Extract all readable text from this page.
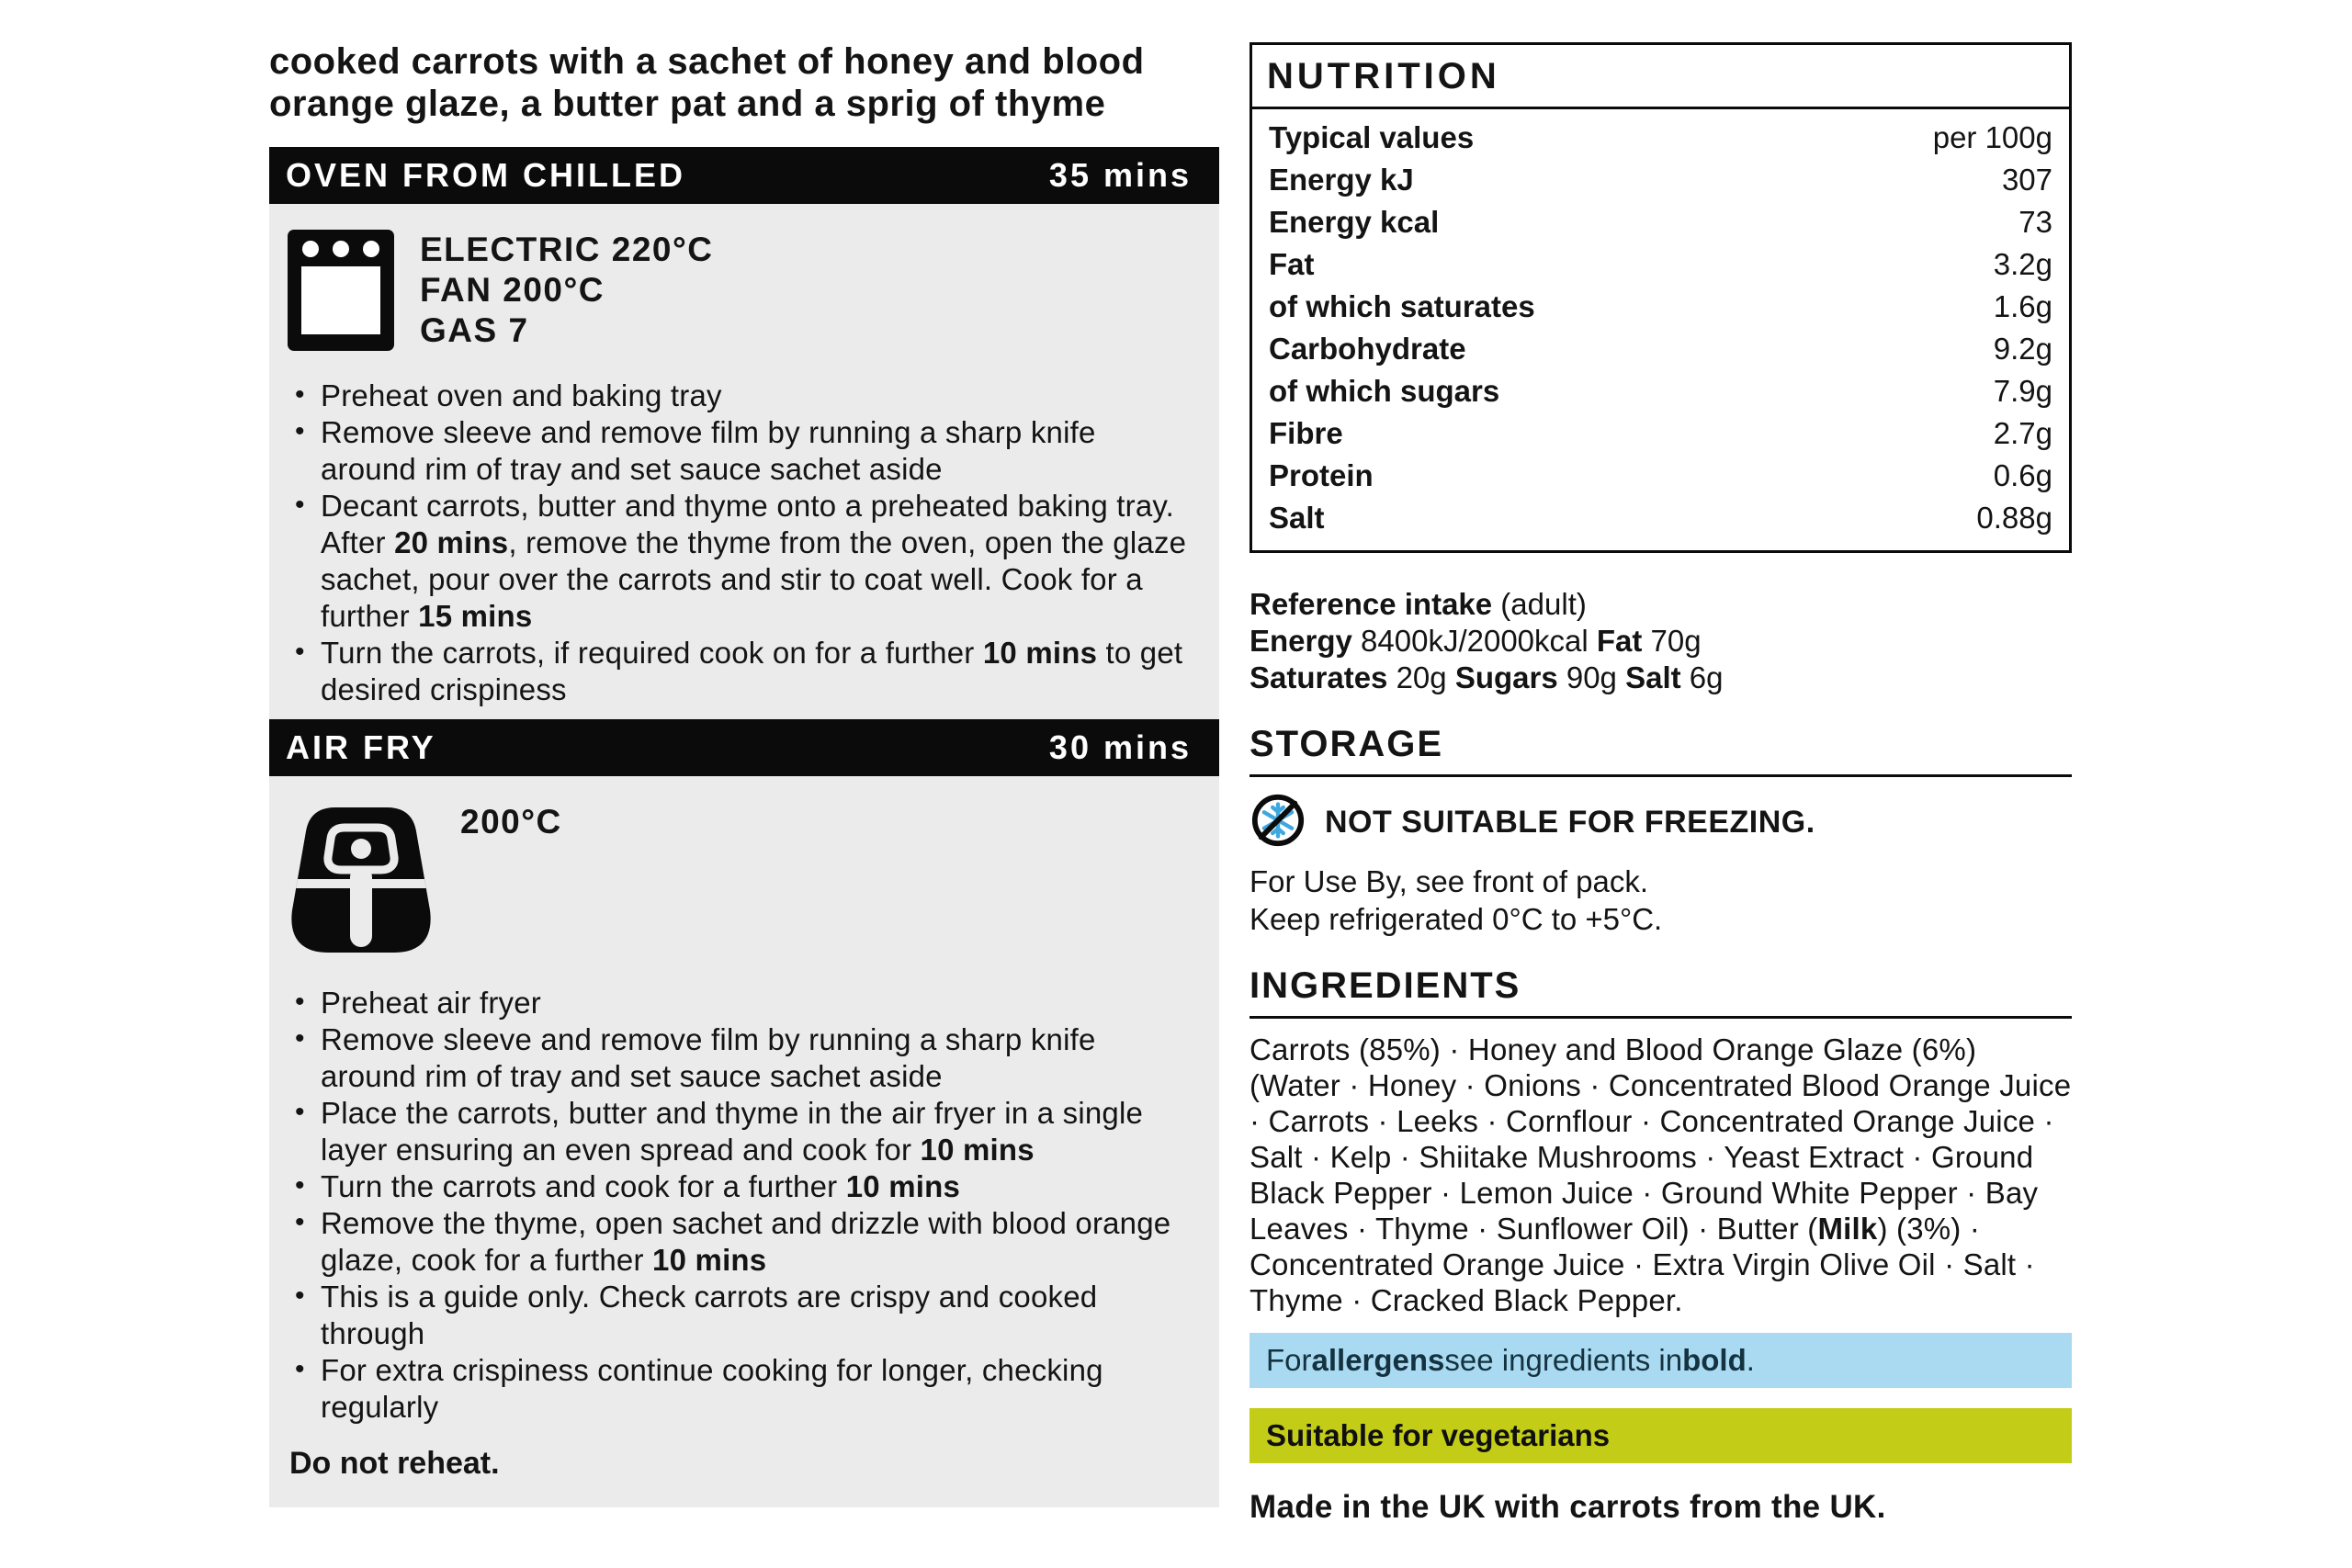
cooked carrots with a sachet of honey and blood orange glaze, a butter pat and a sprig of thyme

OVEN FROM CHILLED	35 mins
ELECTRIC 220°C
FAN 200°C
GAS 7
• Preheat oven and baking tray
• Remove sleeve and remove film by running a sharp knife around rim of tray and set sauce sachet aside
• Decant carrots, butter and thyme onto a preheated baking tray. After 20 mins, remove the thyme from the oven, open the glaze sachet, pour over the carrots and stir to coat well. Cook for a further 15 mins
• Turn the carrots, if required cook on for a further 10 mins to get desired crispiness
AIR FRY	30 mins
200°C
• Preheat air fryer
• Remove sleeve and remove film by running a sharp knife around rim of tray and set sauce sachet aside
• Place the carrots, butter and thyme in the air fryer in a single layer ensuring an even spread and cook for 10 mins
• Turn the carrots and cook for a further 10 mins
• Remove the thyme, open sachet and drizzle with blood orange glaze, cook for a further 10 mins
• This is a guide only. Check carrots are crispy and cooked through
• For extra crispiness continue cooking for longer, checking regularly

Do not reheat.

NUTRITION
Typical values	per 100g
Energy kJ	307
Energy kcal	73
Fat	3.2g
of which saturates	1.6g
Carbohydrate	9.2g
of which sugars	7.9g
Fibre	2.7g
Protein	0.6g
Salt	0.88g
Reference intake (adult)
Energy 8400kJ/2000kcal Fat 70g
Saturates 20g Sugars 90g Salt 6g
STORAGE
NOT SUITABLE FOR FREEZING.
For Use By, see front of pack.
Keep refrigerated 0°C to +5°C.
INGREDIENTS
Carrots (85%) · Honey and Blood Orange Glaze (6%) (Water · Honey · Onions · Concentrated Blood Orange Juice · Carrots · Leeks · Cornflour · Concentrated Orange Juice · Salt · Kelp · Shiitake Mushrooms · Yeast Extract · Ground Black Pepper · Lemon Juice · Ground White Pepper · Bay Leaves · Thyme · Sunflower Oil) · Butter (Milk) (3%) · Concentrated Orange Juice · Extra Virgin Olive Oil · Salt · Thyme · Cracked Black Pepper.
For allergens see ingredients in bold .
Suitable for vegetarians
Made in the UK with carrots from the UK.
